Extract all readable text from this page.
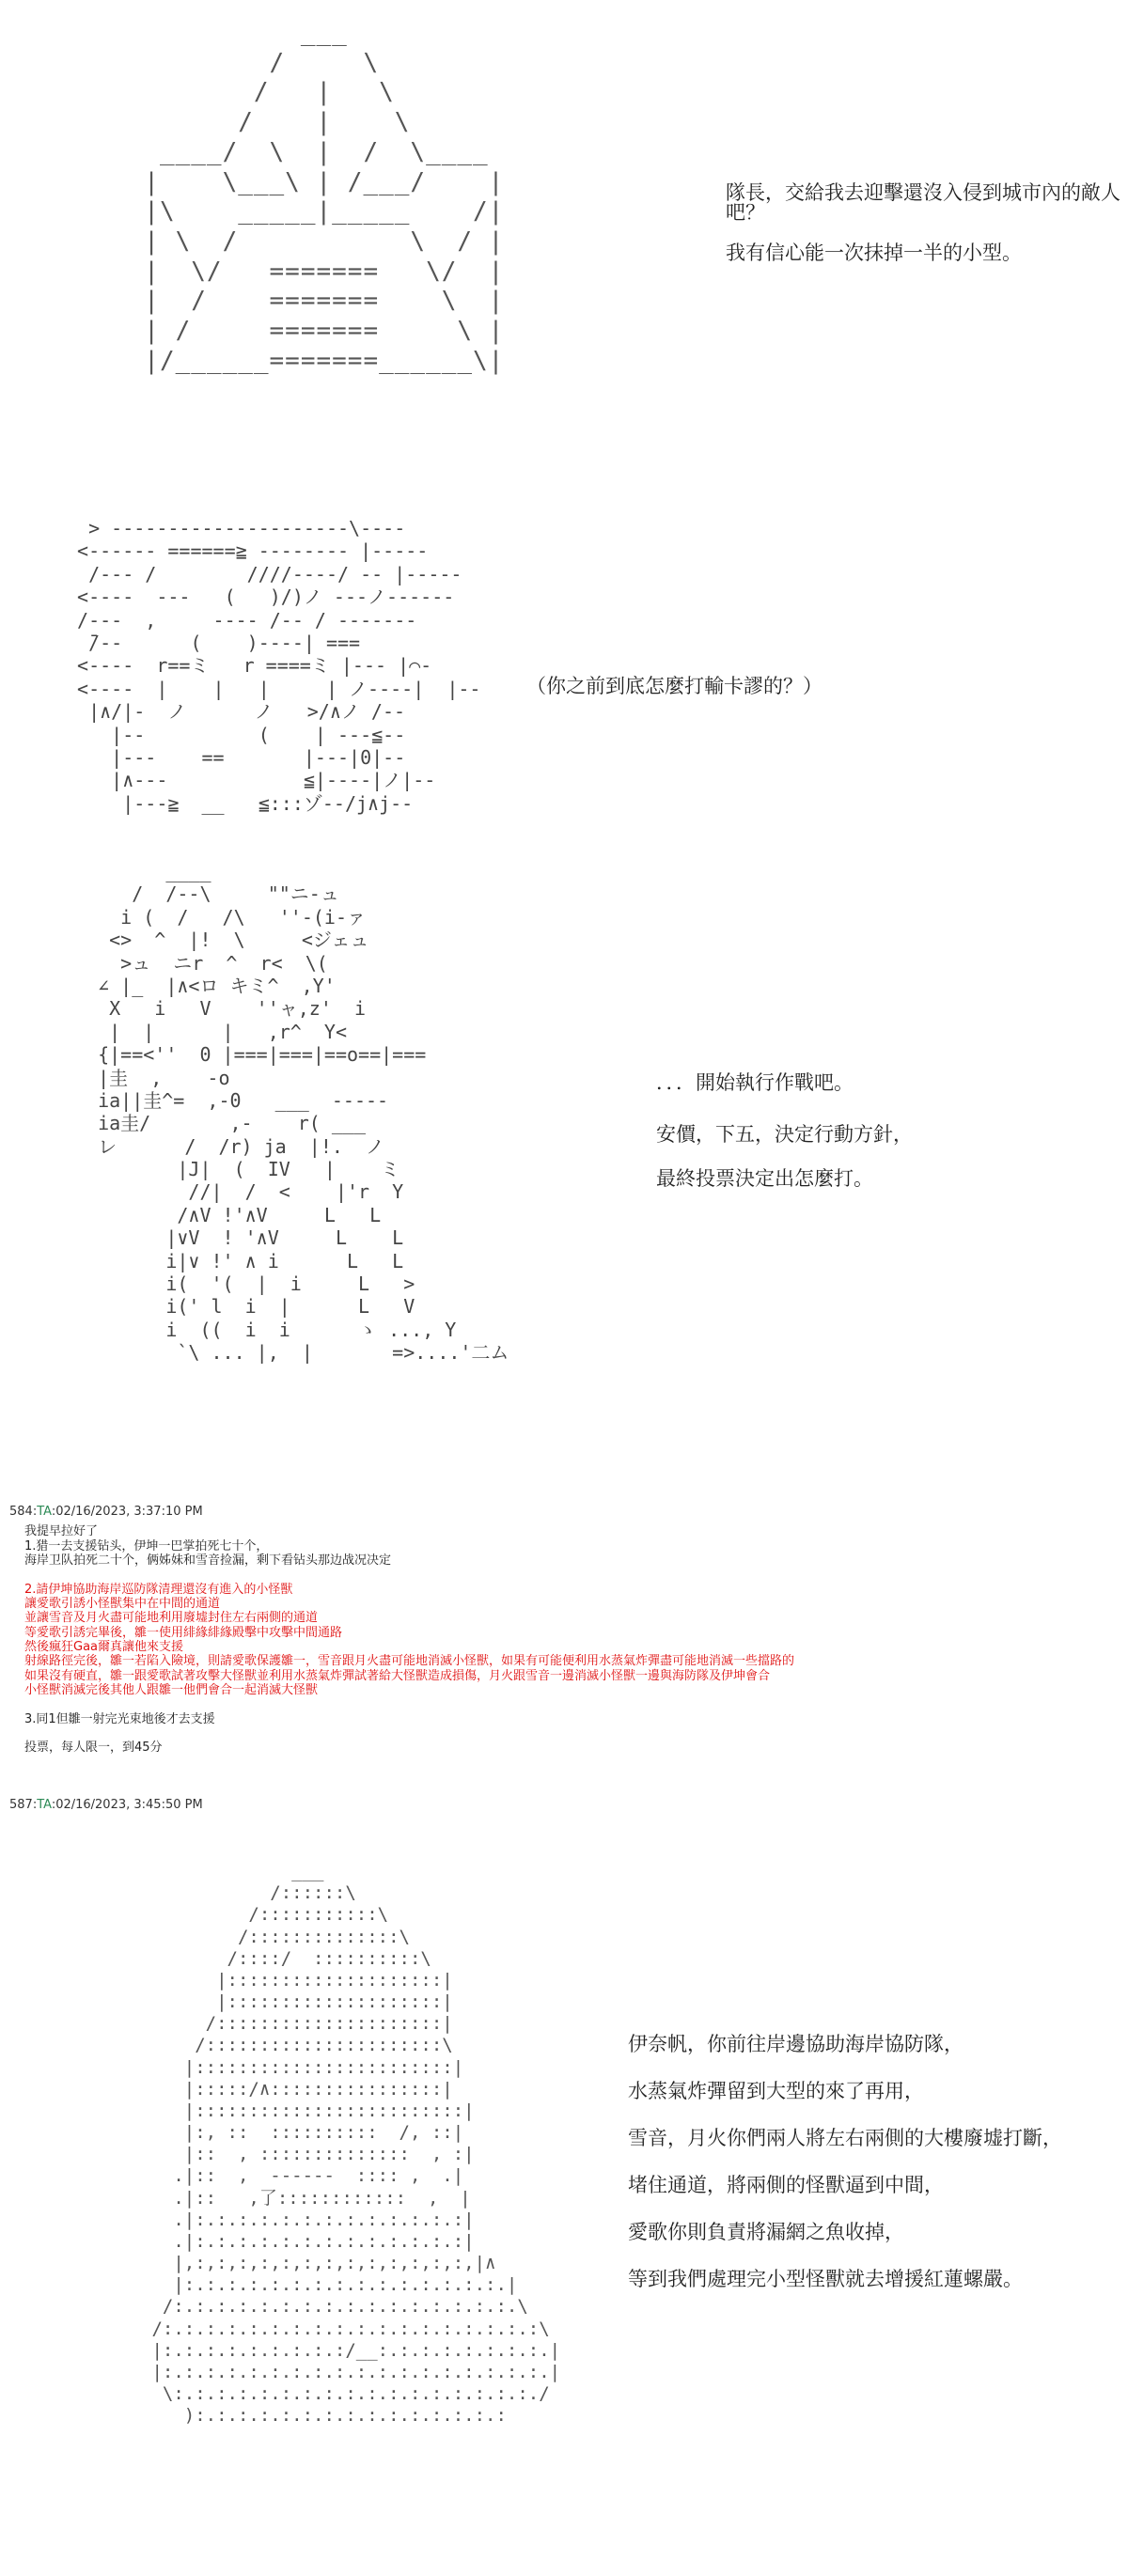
___
/     \
/   |   \
/    |    \
____/  \  |  /  \____
|    \___\ | /___/    |
|\    _____|_____    /|
| \  /           \  / |
|  \/   =======   \/  |
|  /    =======    \  |
| /     =======     \ |
|/______=======______\|
隊長，交給我去迎擊還沒入侵到城市內的敵人吧？
我有信心能一次抹掉一半的小型。
> ---------------------\----
<------ ======≧ -------- |-----
/--- /        ////----/ -- |-----
<----  ---   (   )/)ノ ---ノ------
/---  ,     ---- /-- / -------
̄/--      (    )----| ===
<----  r==ミ   r ====ミ |--- |⌒-
<----  |    |   |     | ノ----|  |--
|∧/|-  ノ      ノ   >/∧ノ /--
|--          (    | ---≦--
|---    ==       |---|0|--
|∧---            ≦|----|ノ|--
|---≧  __   ≦:::ゾ--/j∧j--
（你之前到底怎麼打輸卡謬的？）
____
/  /--\     ""ニ-ュ
i (  /   /\   ''-(i-ァ
<>  ^  |!  \     <ジェュ
>ュ  ニr  ^  r<  \(
∠ |_  |∧<ロ キミ^  ,Y'
X   i   V    ''ャ,z'  i
|  |      |   ,r^  Y<
{|==<''  0 |===|===|==o==|===
|圭  ,    -o
ia||圭^=  ,-0   ___  -----
ia圭/       ,-    r( ___
レ      /  /r) ja  |!.  ノ
|J|  (  IV   |    ミ
//|  /  <    |'r  Y
/∧V !'∧V     L   L
|∨V  ! '∧V     L    L
i|∨ !' ∧ i      L   L
i(  '(  |  i     L   >
i(' l  i  |      L   V
i  ((  i  i      ゝ ..., Y
`\ ... |,  |       =>....'二ム
．．．開始執行作戰吧。
安價，下五，決定行動方針，
最終投票決定出怎麼打。
584:TA:02/16/2023, 3:37:10 PM
我提早拉好了
1.猎一去支援钻头，伊坤一巴掌拍死七十个，
海岸卫队拍死二十个，俩姊妹和雪音捡漏，剩下看钻头那边战况决定

2.請伊坤協助海岸巡防隊清理還沒有進入的小怪獸
讓愛歌引誘小怪獸集中在中間的通道
並讓雪音及月火盡可能地利用廢墟封住左右兩側的通道
等愛歌引誘完畢後，雛一使用緋緣緋緣殿擊中攻擊中間通路
然後瘋狂Gaa爾真讓他來支援
射線路徑完後，雛一若陷入險境，則請愛歌保護雛一，雪音跟月火盡可能地消滅小怪獸，如果有可能便利用水蒸氣炸彈盡可能地消滅一些擋路的
如果沒有硬直，雛一跟愛歌試著攻擊大怪獸並利用水蒸氣炸彈試著給大怪獸造成損傷，月火跟雪音一邊消滅小怪獸一邊與海防隊及伊坤會合
小怪獸消滅完後其他人跟雛一他們會合一起消滅大怪獸

3.同1但雛一射完光束地後才去支援

投票，每人限一，到45分
587:TA:02/16/2023, 3:45:50 PM
___
/::::::\
/:::::::::::\
/::::::::::::::\
/::::/  ::::::::::\
|::::::::::::::::::::|
|::::::::::::::::::::|
/:::::::::::::::::::::|
/::::::::::::::::::::::\
|::::::::::::::::::::::::|
|:::::/∧::::::::::::::::|
|:::::::::::::::::::::::::|
|:, ::  ::::::::::  /, ::|
|::  , ::::::::::::::  , :|
.|::  ,  ------  :::: ,  .|
.|::   ,了::::::::::::  ,  |
.|:.:.:.:.:.:.:.:.:.:.:.:.:|
.|:.:.:.:.:.:.:.:.:.:.:.:.:|
|,:,:,:,:,:,:,:,:,:,:,:,:,:,|∧
|:.:.:.:.:.:.:.:.:.:.:.:.:.:.:.|
/:.:.:.:.:.:.:.:.:.:.:.:.:.:.:.:.\
/:.:.:.:.:.:.:.:.:.:.:.:.:.:.:.:.:.:\
|:.:.:.:.:.:.:.:.:/__:.:.:.:.:.:.:.:.|
|:.:.:.:.:.:.:.:.:.:.:.:.:.:.:.:.:.:.|
\:.:.:.:.:.:.:.:.:.:.:.:.:.:.:.:.:./
):.:.:.:.:.:.:.:.:.:.:.:.:.:.:
伊奈帆，你前往岸邊協助海岸協防隊，
水蒸氣炸彈留到大型的來了再用，
雪音，月火你們兩人將左右兩側的大樓廢墟打斷，
堵住通道，將兩側的怪獸逼到中間，
愛歌你則負責將漏網之魚收掉，
等到我們處理完小型怪獸就去增援紅蓮螺嚴。
